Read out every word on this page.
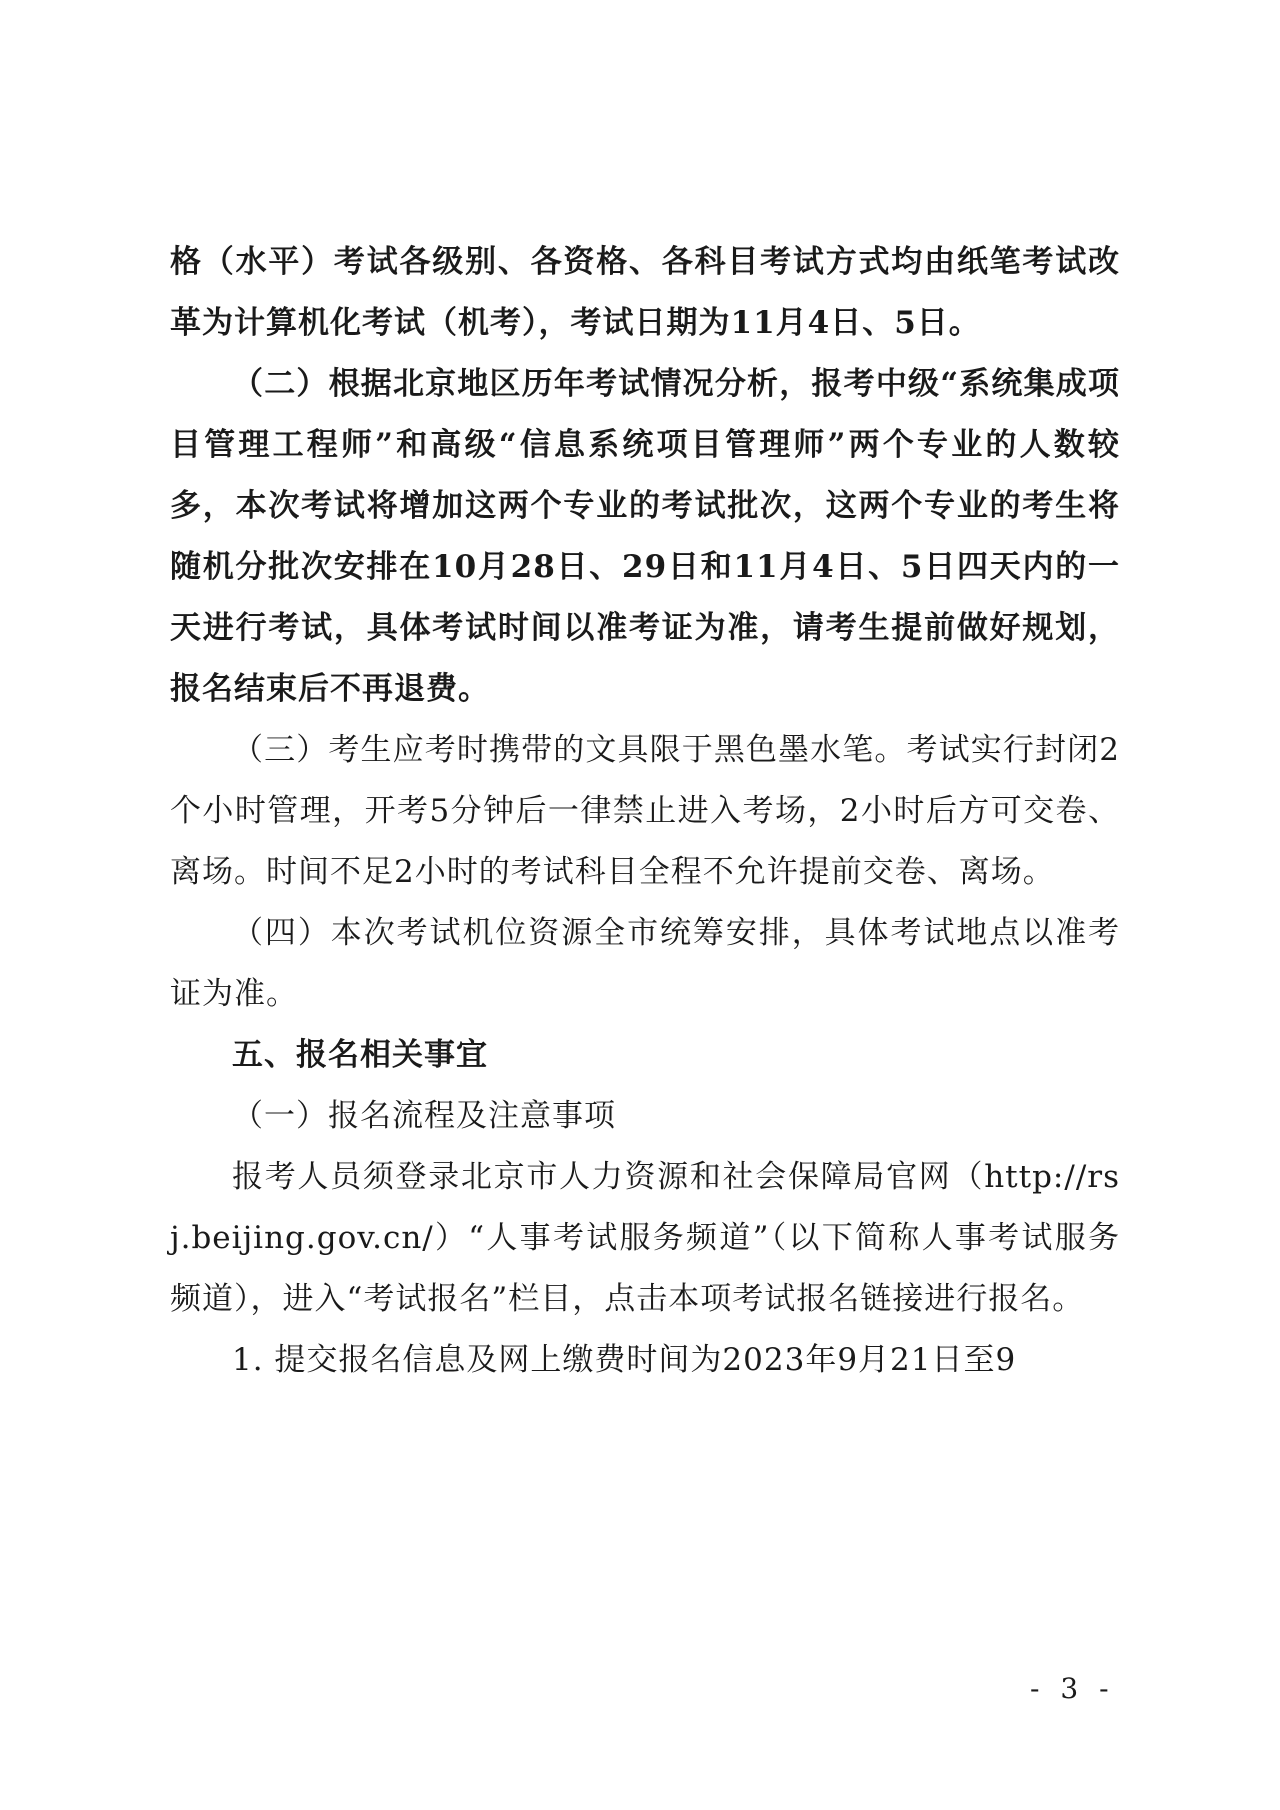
格（水平）考试各级别、各资格、各科目考试方式均由纸笔考试改革为计算机化考试（机考），考试日期为11月4日、5日。

（二）根据北京地区历年考试情况分析，报考中级“系统集成项目管理工程师”和高级“信息系统项目管理师”两个专业的人数较多，本次考试将增加这两个专业的考试批次，这两个专业的考生将随机分批次安排在10月28日、29日和11月4日、5日四天内的一天进行考试，具体考试时间以准考证为准，请考生提前做好规划，报名结束后不再退费。

（三）考生应考时携带的文具限于黑色墨水笔。考试实行封闭2个小时管理，开考5分钟后一律禁止进入考场，2小时后方可交卷、离场。时间不足2小时的考试科目全程不允许提前交卷、离场。

（四）本次考试机位资源全市统筹安排，具体考试地点以准考证为准。

五、报名相关事宜

（一）报名流程及注意事项

报考人员须登录北京市人力资源和社会保障局官网（http://rsj.beijing.gov.cn/）“人事考试服务频道”（以下简称人事考试服务频道），进入“考试报名”栏目，点击本项考试报名链接进行报名。

1. 提交报名信息及网上缴费时间为2023年9月21日至9

- 3 -
